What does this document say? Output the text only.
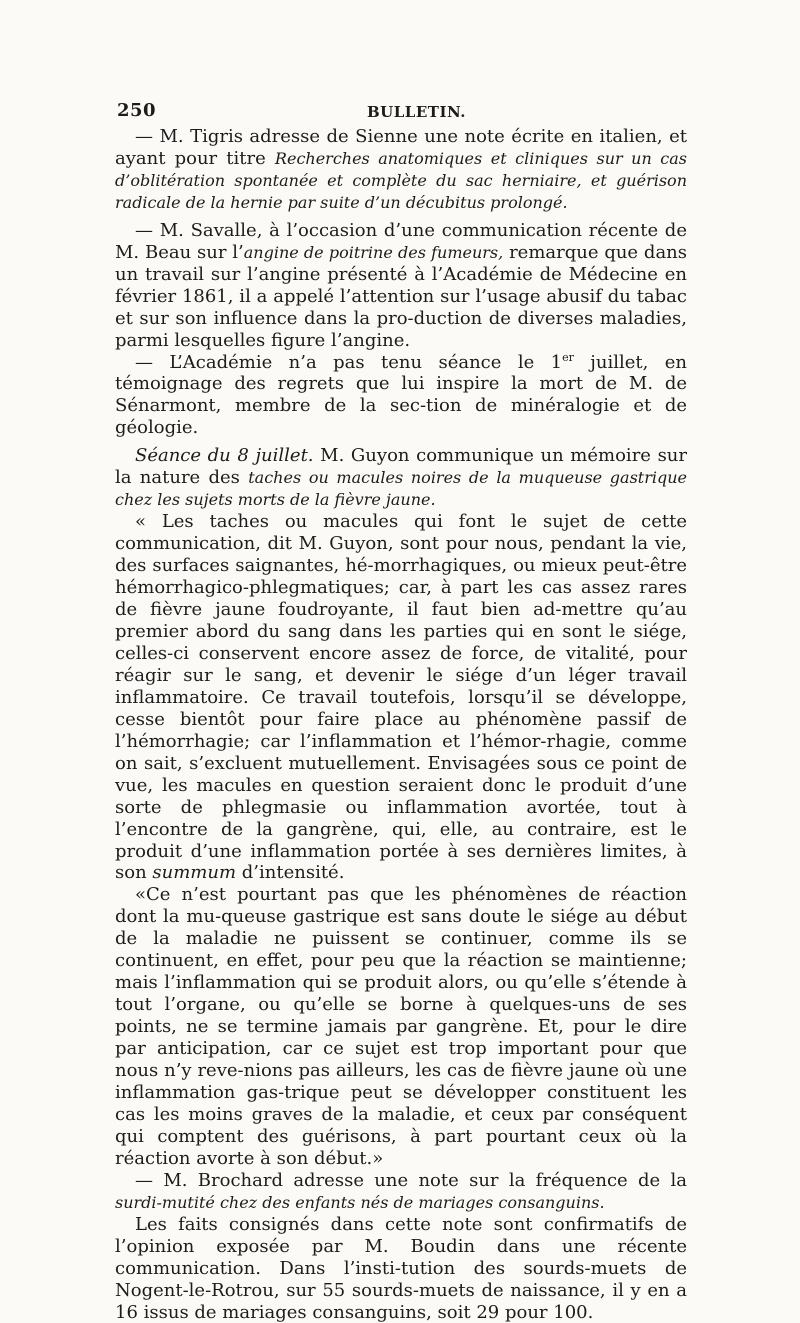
250	BULLETIN.

— M. Tigris adresse de Sienne une note écrite en italien, et ayant pour titre Recherches anatomiques et cliniques sur un cas d’oblitération spontanée et complète du sac herniaire, et guérison radicale de la hernie par suite d’un décubitus prolongé.

— M. Savalle, à l’occasion d’une communication récente de M. Beau sur l’angine de poitrine des fumeurs, remarque que dans un travail sur l’angine présenté à l’Académie de Médecine en février 1861, il a appelé l’attention sur l’usage abusif du tabac et sur son influence dans la pro-duction de diverses maladies, parmi lesquelles figure l’angine.

— L’Académie n’a pas tenu séance le 1er juillet, en témoignage des regrets que lui inspire la mort de M. de Sénarmont, membre de la sec-tion de minéralogie et de géologie.

Séance du 8 juillet. M. Guyon communique un mémoire sur la nature des taches ou macules noires de la muqueuse gastrique chez les sujets morts de la fièvre jaune.

« Les taches ou macules qui font le sujet de cette communication, dit M. Guyon, sont pour nous, pendant la vie, des surfaces saignantes, hé-morrhagiques, ou mieux peut-être hémorrhagico-phlegmatiques; car, à part les cas assez rares de fièvre jaune foudroyante, il faut bien ad-mettre qu’au premier abord du sang dans les parties qui en sont le siége, celles-ci conservent encore assez de force, de vitalité, pour réagir sur le sang, et devenir le siége d’un léger travail inflammatoire. Ce travail toutefois, lorsqu’il se développe, cesse bientôt pour faire place au phénomène passif de l’hémorrhagie; car l’inflammation et l’hémor-rhagie, comme on sait, s’excluent mutuellement. Envisagées sous ce point de vue, les macules en question seraient donc le produit d’une sorte de phlegmasie ou inflammation avortée, tout à l’encontre de la gangrène, qui, elle, au contraire, est le produit d’une inflammation portée à ses dernières limites, à son summum d’intensité.

«Ce n’est pourtant pas que les phénomènes de réaction dont la mu-queuse gastrique est sans doute le siége au début de la maladie ne puissent se continuer, comme ils se continuent, en effet, pour peu que la réaction se maintienne; mais l’inflammation qui se produit alors, ou qu’elle s’étende à tout l’organe, ou qu’elle se borne à quelques-uns de ses points, ne se termine jamais par gangrène. Et, pour le dire par anticipation, car ce sujet est trop important pour que nous n’y reve-nions pas ailleurs, les cas de fièvre jaune où une inflammation gas-trique peut se développer constituent les cas les moins graves de la maladie, et ceux par conséquent qui comptent des guérisons, à part pourtant ceux où la réaction avorte à son début.»

— M. Brochard adresse une note sur la fréquence de la surdi-mutité chez des enfants nés de mariages consanguins.

Les faits consignés dans cette note sont confirmatifs de l’opinion exposée par M. Boudin dans une récente communication. Dans l’insti-tution des sourds-muets de Nogent-le-Rotrou, sur 55 sourds-muets de naissance, il y en a 16 issus de mariages consanguins, soit 29 pour 100.
